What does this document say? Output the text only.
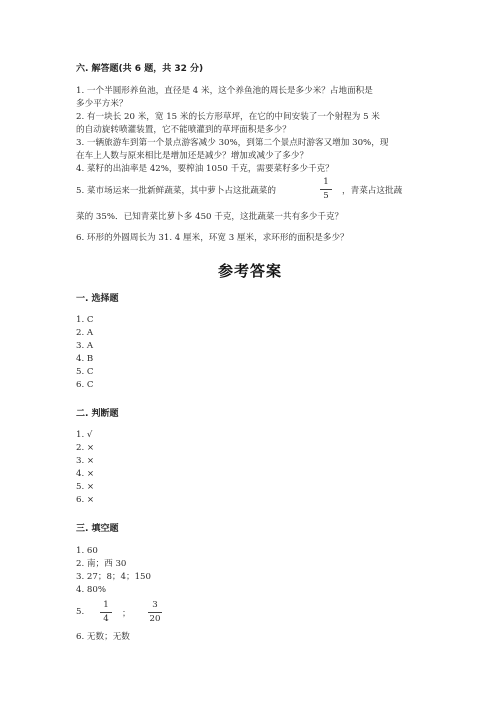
六. 解答题(共 6 题，共 32 分)
1. 一个半圆形养鱼池，直径是 4 米，这个养鱼池的周长是多少米？占地面积是
多少平方米？
2. 有一块长 20 米，宽 15 米的长方形草坪，在它的中间安装了一个射程为 5 米
的自动旋转喷灌装置，它不能喷灌到的草坪面积是多少？
3. 一辆旅游车到第一个景点游客减少 30%，到第二个景点时游客又增加 30%，现
在车上人数与原来相比是增加还是减少？增加或减少了多少？
4. 菜籽的出油率是 42%，要榨油 1050 千克，需要菜籽多少千克？
5. 菜市场运来一批新鲜蔬菜，其中萝卜占这批蔬菜的
1
5	，青菜占这批蔬
菜的 35%．已知青菜比萝卜多 450 千克，这批蔬菜一共有多少千克？
6. 环形的外圆周长为 31. 4 厘米，环宽 3 厘米，求环形的面积是多少？
参考答案
一. 选择题
1. C
2. A
3. A
4. B
5. C
6. C
二. 判断题
1. √
2. ×
3. ×
4. ×
5. ×
6. ×
三. 填空题
1. 60
2. 南；西 30
3. 27；8；4；150
4. 80%
5.
1
4	；
3
20
6. 无数；无数
